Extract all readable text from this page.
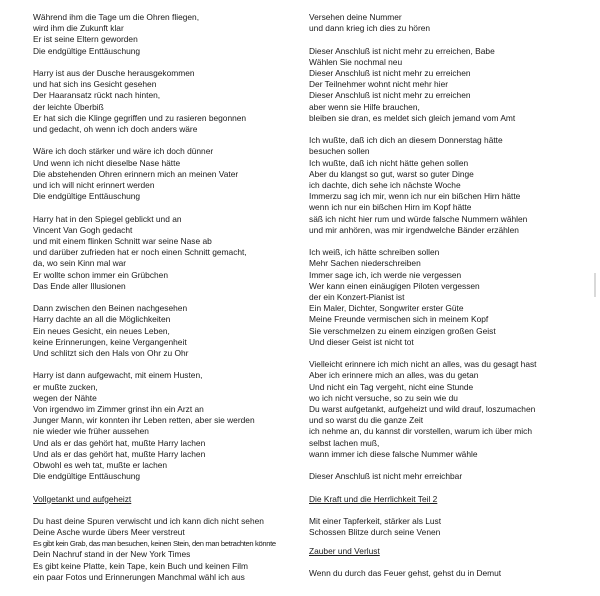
Während ihm die Tage um die Ohren fliegen,
wird ihm die Zukunft klar
Er ist seine Eltern geworden
Die endgültige Enttäuschung
Harry ist aus der Dusche herausgekommen
und hat sich ins Gesicht gesehen
Der Haaransatz rückt nach hinten,
der leichte Überbiß
Er hat sich die Klinge gegriffen und zu rasieren begonnen
und gedacht, oh wenn ich doch anders wäre
Wäre ich doch stärker und wäre ich doch dünner
Und wenn ich nicht dieselbe Nase hätte
Die abstehenden Ohren erinnern mich an meinen Vater
und ich will nicht erinnert werden
Die endgültige Enttäuschung
Harry hat in den Spiegel geblickt und an
Vincent Van Gogh gedacht
und mit einem flinken Schnitt war seine Nase ab
und darüber zufrieden hat er noch einen Schnitt gemacht,
da, wo sein Kinn mal war
Er wollte schon immer ein Grübchen
Das Ende aller Illusionen
Dann zwischen den Beinen nachgesehen
Harry dachte an all die Möglichkeiten
Ein neues Gesicht, ein neues Leben,
keine Erinnerungen, keine Vergangenheit
Und schlitzt sich den Hals von Ohr zu Ohr
Harry ist dann aufgewacht, mit einem Husten,
er mußte zucken,
wegen der Nähte
Von irgendwo im Zimmer grinst ihn ein Arzt an
Junger Mann, wir konnten ihr Leben retten, aber sie werden
nie wieder wie früher aussehen
Und als er das gehört hat, mußte Harry lachen
Und als er das gehört hat, mußte Harry lachen
Obwohl es weh tat, mußte er lachen
Die endgültige Enttäuschung
Vollgetankt und aufgeheizt
Du hast deine Spuren verwischt und ich kann dich nicht sehen
Deine Asche wurde übers Meer verstreut
Es gibt kein Grab, das man besuchen, keinen Stein, den man betrachten könnte
Dein Nachruf stand in der New York Times
Es gibt keine Platte, kein Tape, kein Buch und keinen Film
ein paar Fotos und Erinnerungen Manchmal wähl ich aus
Versehen deine Nummer
und dann krieg ich dies zu hören
Dieser Anschluß ist nicht mehr zu erreichen, Babe
Wählen Sie nochmal neu
Dieser Anschluß ist nicht mehr zu erreichen
Der Teilnehmer wohnt nicht mehr hier
Dieser Anschluß ist nicht mehr zu erreichen
aber wenn sie Hilfe brauchen,
bleiben sie dran, es meldet sich gleich jemand vom Amt
Ich wußte, daß ich dich an diesem Donnerstag hätte
besuchen sollen
Ich wußte, daß ich nicht hätte gehen sollen
Aber du klangst so gut, warst so guter Dinge
ich dachte, dich sehe ich nächste Woche
Immerzu sag ich mir, wenn ich nur ein bißchen Hirn hätte
wenn ich nur ein bißchen Hirn im Kopf hätte
säß ich nicht hier rum und würde falsche Nummern wählen
und mir anhören, was mir irgendwelche Bänder erzählen
Ich weiß, ich hätte schreiben sollen
Mehr Sachen niederschreiben
Immer sage ich, ich werde nie vergessen
Wer kann einen einäugigen Piloten vergessen
der ein Konzert-Pianist ist
Ein Maler, Dichter, Songwriter erster Güte
Meine Freunde vermischen sich in meinem Kopf
Sie verschmelzen zu einem einzigen großen Geist
Und dieser Geist ist nicht tot
Vielleicht erinnere ich mich nicht an alles, was du gesagt hast
Aber ich erinnere mich an alles, was du getan
Und nicht ein Tag vergeht, nicht eine Stunde
wo ich nicht versuche, so zu sein wie du
Du warst aufgetankt, aufgeheizt und wild drauf, loszumachen
und so warst du die ganze Zeit
ich nehme an, du kannst dir vorstellen, warum ich über mich
selbst lachen muß,
wann immer ich diese falsche Nummer wähle
Dieser Anschluß ist nicht mehr erreichbar
Die Kraft und die Herrlichkeit Teil 2
Mit einer Tapferkeit, stärker als Lust
Schossen Blitze durch seine Venen
Zauber und Verlust
Wenn du durch das Feuer gehst, gehst du in Demut
